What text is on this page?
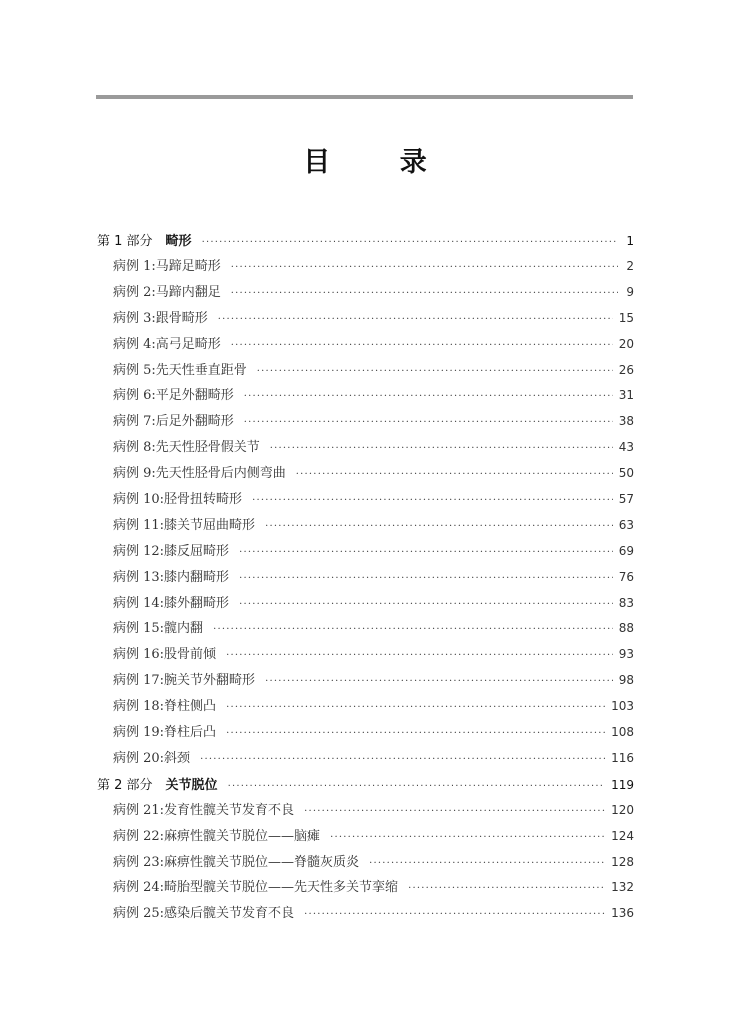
目 录
第 1 部分 畸形 ·····	1
病例 1:马蹄足畸形 ·····	2
病例 2:马蹄内翻足 ·····	9
病例 3:跟骨畸形 ·····	15
病例 4:高弓足畸形 ·····	20
病例 5:先天性垂直距骨 ·····	26
病例 6:平足外翻畸形 ·····	31
病例 7:后足外翻畸形 ·····	38
病例 8:先天性胫骨假关节 ·····	43
病例 9:先天性胫骨后内侧弯曲 ·····	50
病例 10:胫骨扭转畸形 ·····	57
病例 11:膝关节屈曲畸形 ·····	63
病例 12:膝反屈畸形 ·····	69
病例 13:膝内翻畸形 ·····	76
病例 14:膝外翻畸形 ·····	83
病例 15:髋内翻 ·····	88
病例 16:股骨前倾 ·····	93
病例 17:腕关节外翻畸形 ·····	98
病例 18:脊柱侧凸 ·····	103
病例 19:脊柱后凸 ·····	108
病例 20:斜颈 ·····	116
第 2 部分 关节脱位 ·····	119
病例 21:发育性髋关节发育不良 ·····	120
病例 22:麻痹性髋关节脱位——脑瘫 ·····	124
病例 23:麻痹性髋关节脱位——脊髓灰质炎 ·····	128
病例 24:畸胎型髋关节脱位——先天性多关节挛缩 ·····	132
病例 25:感染后髋关节发育不良 ·····	136
